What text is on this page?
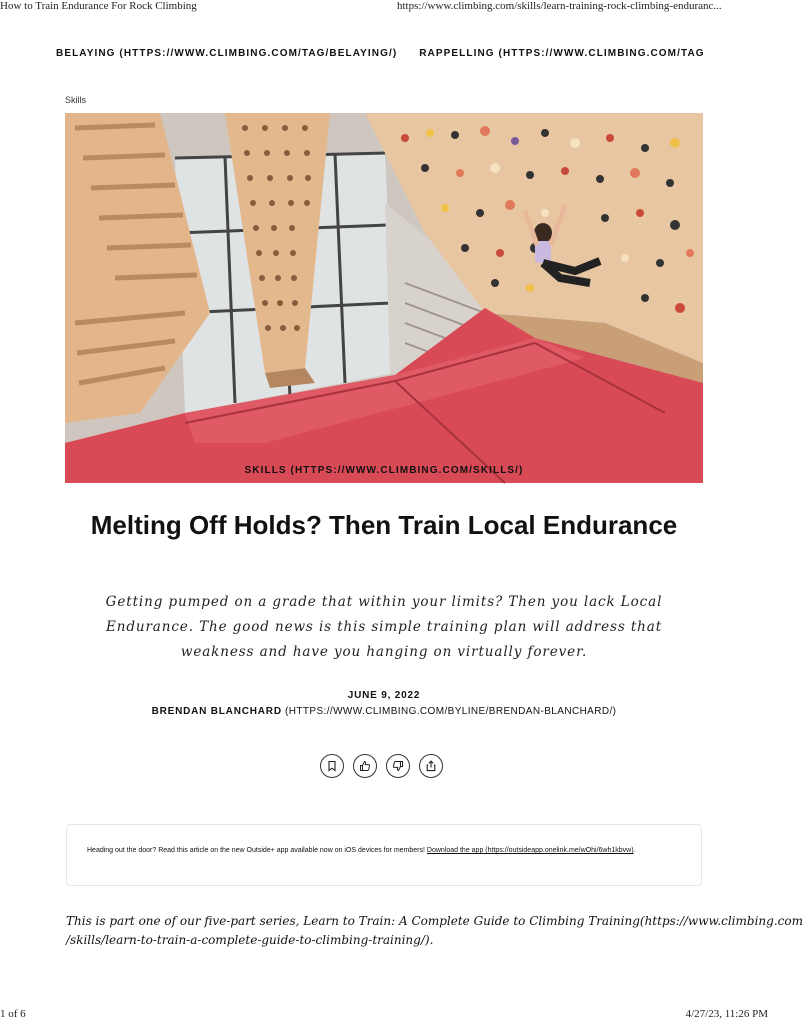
How to Train Endurance For Rock Climbing	https://www.climbing.com/skills/learn-training-rock-climbing-enduranc...
BELAYING (HTTPS://WWW.CLIMBING.COM/TAG/BELAYING/) RAPPELLING (HTTPS://WWW.CLIMBING.COM/TAG
Skills
SKILLS (HTTPS://WWW.CLIMBING.COM/SKILLS/)
Melting Off Holds? Then Train Local Endurance

Getting pumped on a grade that within your limits? Then you lack Local Endurance. The good news is this simple training plan will address that weakness and have you hanging on virtually forever.

JUNE 9, 2022
BRENDAN BLANCHARD (HTTPS://WWW.CLIMBING.COM/BYLINE/BRENDAN-BLANCHARD/)

Heading out the door? Read this article on the new Outside+ app available now on iOS devices for members! Download the app (https://outsideapp.onelink.me/wOhi/6wh1kbvw).

This is part one of our five-part series, Learn to Train: A Complete Guide to Climbing Training(https://www.climbing.com
/skills/learn-to-train-a-complete-guide-to-climbing-training/).
1 of 6	4/27/23, 11:26 PM
